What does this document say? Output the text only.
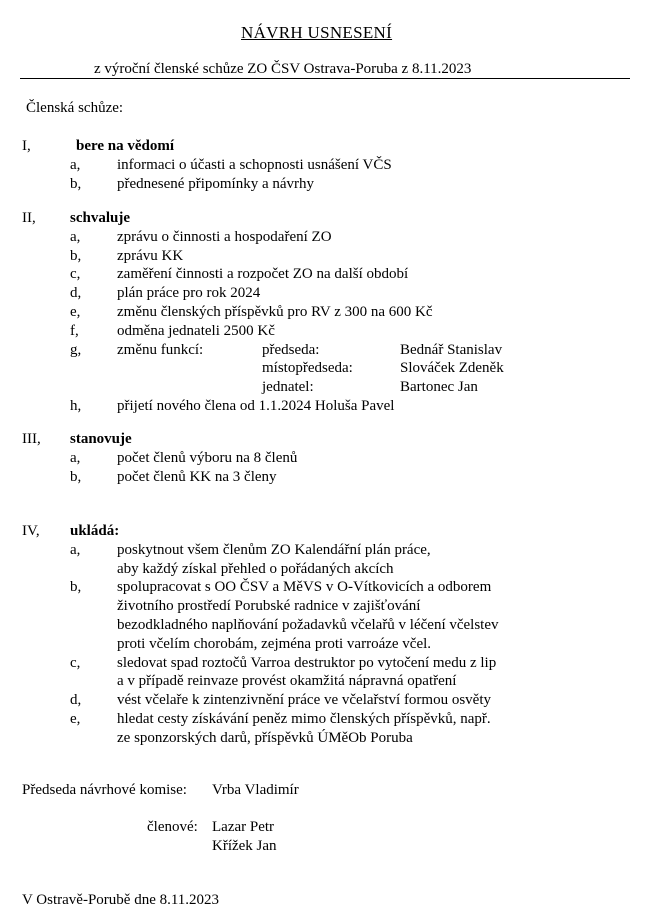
NÁVRH USNESENÍ
z výroční členské schůze ZO ČSV Ostrava-Poruba z 8.11.2023
Členská schůze:
I,	bere na vědomí
a, informaci o účasti a schopnosti usnášení VČS
b, přednesené připomínky a návrhy
II, schvaluje
a, zprávu o činnosti a hospodaření ZO
b, zprávu KK
c, zaměření činnosti a rozpočet ZO na další období
d, plán práce pro rok 2024
e, změnu členských příspěvků pro RV z 300 na 600 Kč
f,	odměna jednateli 2500 Kč
g, změnu funkcí:	předseda:	Bednář Stanislav
místopředseda:	Slováček Zdeněk
jednatel:	Bartonec Jan
h, přijetí nového člena od 1.1.2024 Holuša Pavel
III, stanovuje
a, počet členů výboru na 8 členů
b, počet členů KK na 3 členy
IV, ukládá:
a, poskytnout všem členům ZO Kalendářní plán práce,
aby každý získal přehled o pořádaných akcích
b, spolupracovat s OO ČSV a MěVS v O-Vítkovicích a odborem
životního prostředí Porubské radnice v zajišťování
bezodkladného naplňování požadavků včelařů v léčení včelstev
proti včelím chorobám, zejména proti varroáze včel.
c, sledovat spad roztočů Varroa destruktor po vytočení medu z lip
a v případě reinvaze provést okamžitá nápravná opatření
d, vést včelaře k zintenzivnění práce ve včelařství formou osvěty
e, hledat cesty získávání peněz mimo členských příspěvků, např.
ze sponzorských darů, příspěvků ÚMěOb Poruba
Předseda návrhové komise: Vrba Vladimír
členové: Lazar Petr
Křížek Jan
V Ostravě-Porubě dne 8.11.2023
